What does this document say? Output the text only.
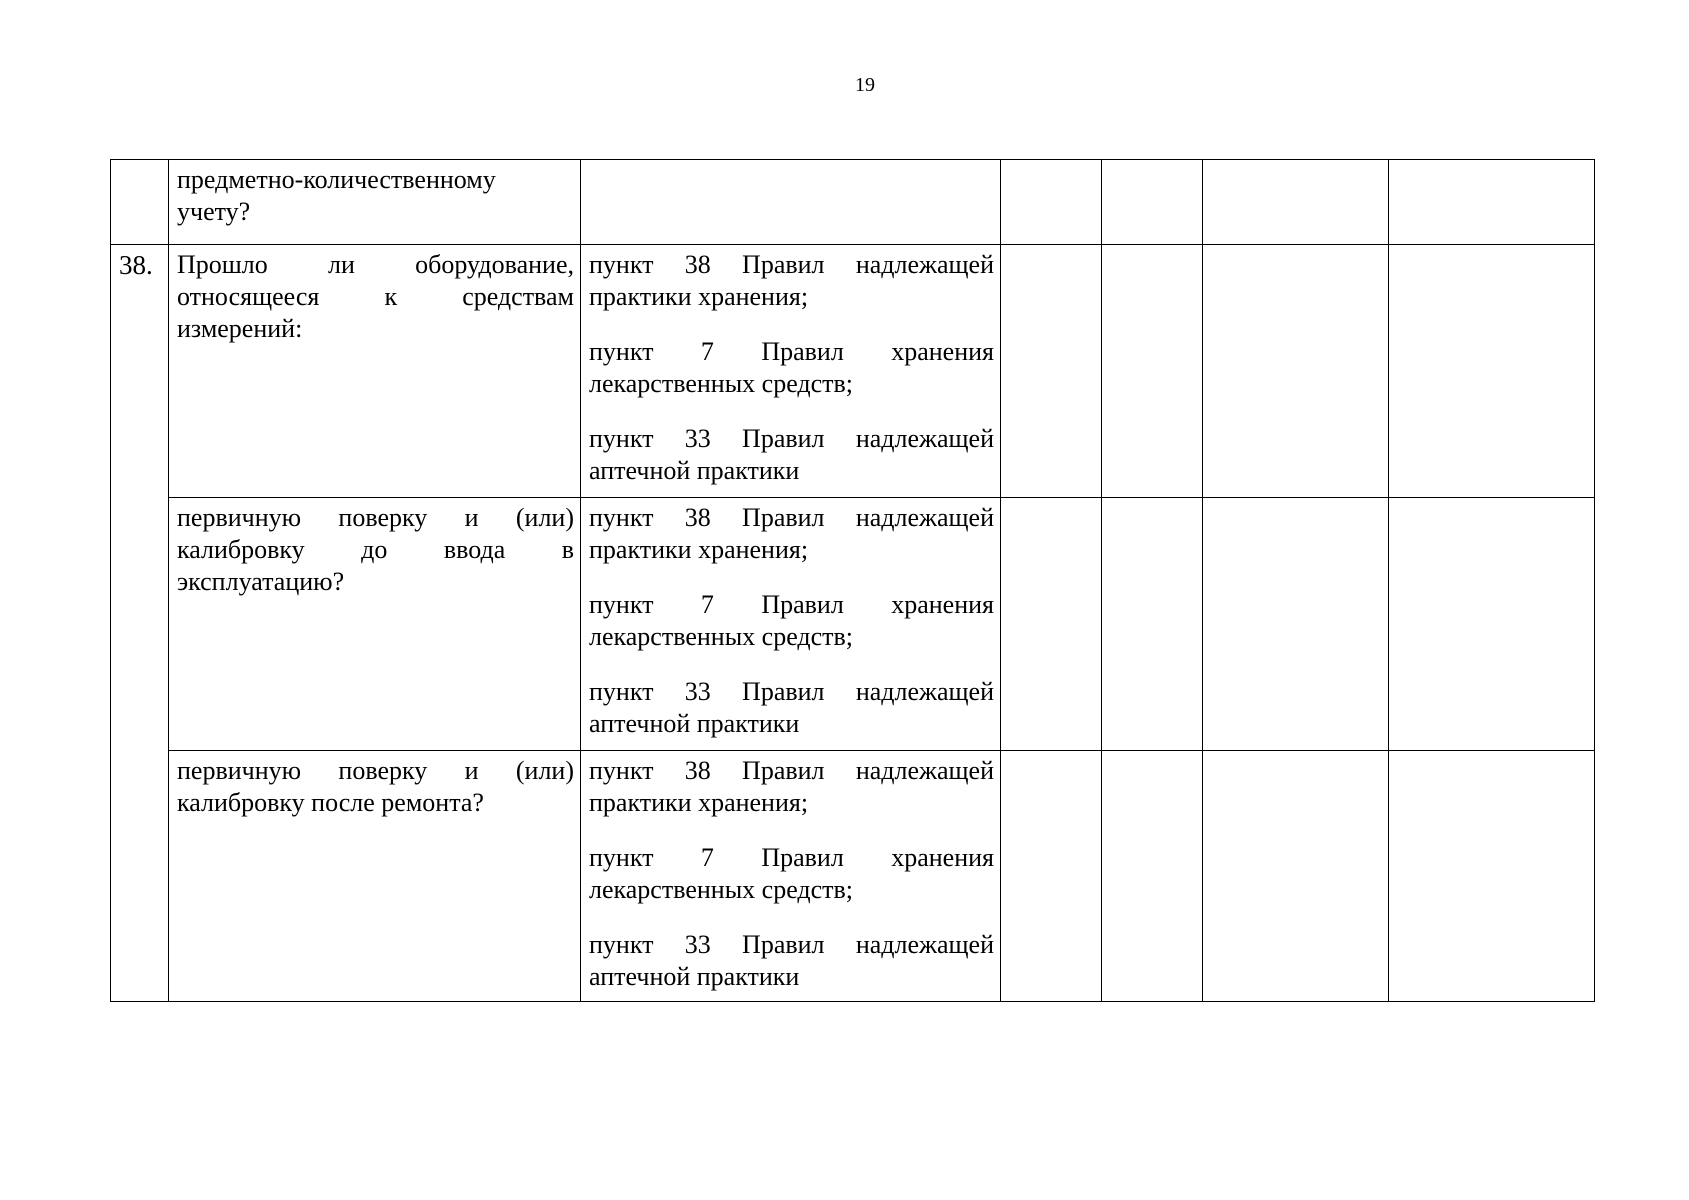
19
	предметно-количественному учету?					
38.	Прошло ли оборудование, относящееся к средствам измерений:	пункт 38 Правил надлежащей практики хранения;

пункт 7 Правил хранения лекарственных средств;

пункт 33 Правил надлежащей аптечной практики				

	первичную поверку и (или) калибровку до ввода в эксплуатацию?	пункт 38 Правил надлежащей практики хранения;

пункт 7 Правил хранения лекарственных средств;

пункт 33 Правил надлежащей аптечной практики				

	первичную поверку и (или) калибровку после ремонта?	пункт 38 Правил надлежащей практики хранения;

пункт 7 Правил хранения лекарственных средств;

пункт 33 Правил надлежащей аптечной практики				
